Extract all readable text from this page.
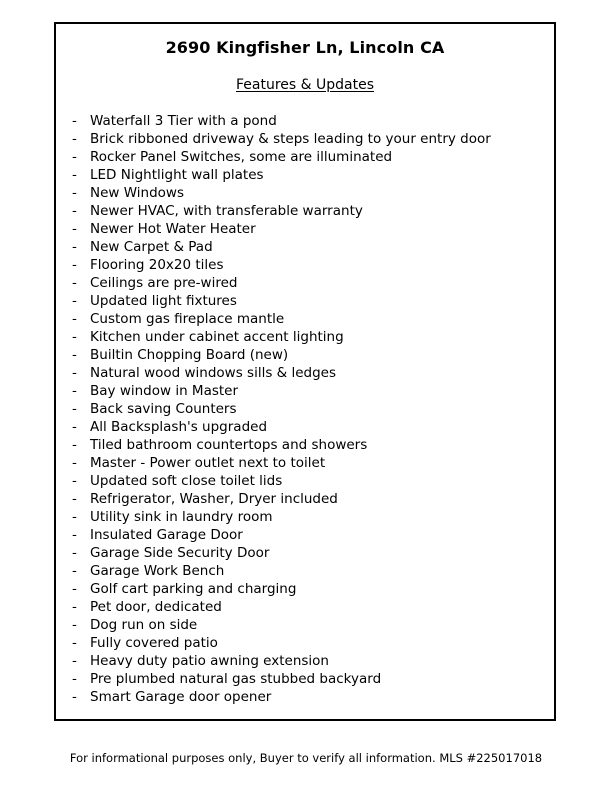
2690 Kingfisher Ln, Lincoln CA
Features & Updates
- Waterfall 3 Tier with a pond
- Brick ribboned driveway & steps leading to your entry door
- Rocker Panel Switches, some are illuminated
- LED Nightlight wall plates
- New Windows
- Newer HVAC, with transferable warranty
- Newer Hot Water Heater
- New Carpet & Pad
- Flooring 20x20 tiles
- Ceilings are pre-wired
- Updated light fixtures
- Custom gas fireplace mantle
- Kitchen under cabinet accent lighting
- Builtin Chopping Board (new)
- Natural wood windows sills & ledges
- Bay window in Master
- Back saving Counters
- All Backsplash's upgraded
- Tiled bathroom countertops and showers
- Master - Power outlet next to toilet
- Updated soft close toilet lids
- Refrigerator, Washer, Dryer included
- Utility sink in laundry room
- Insulated Garage Door
- Garage Side Security Door
- Garage Work Bench
- Golf cart parking and charging
- Pet door, dedicated
- Dog run on side
- Fully covered patio
- Heavy duty patio awning extension
- Pre plumbed natural gas stubbed backyard
- Smart Garage door opener
For informational purposes only, Buyer to verify all information. MLS #225017018
